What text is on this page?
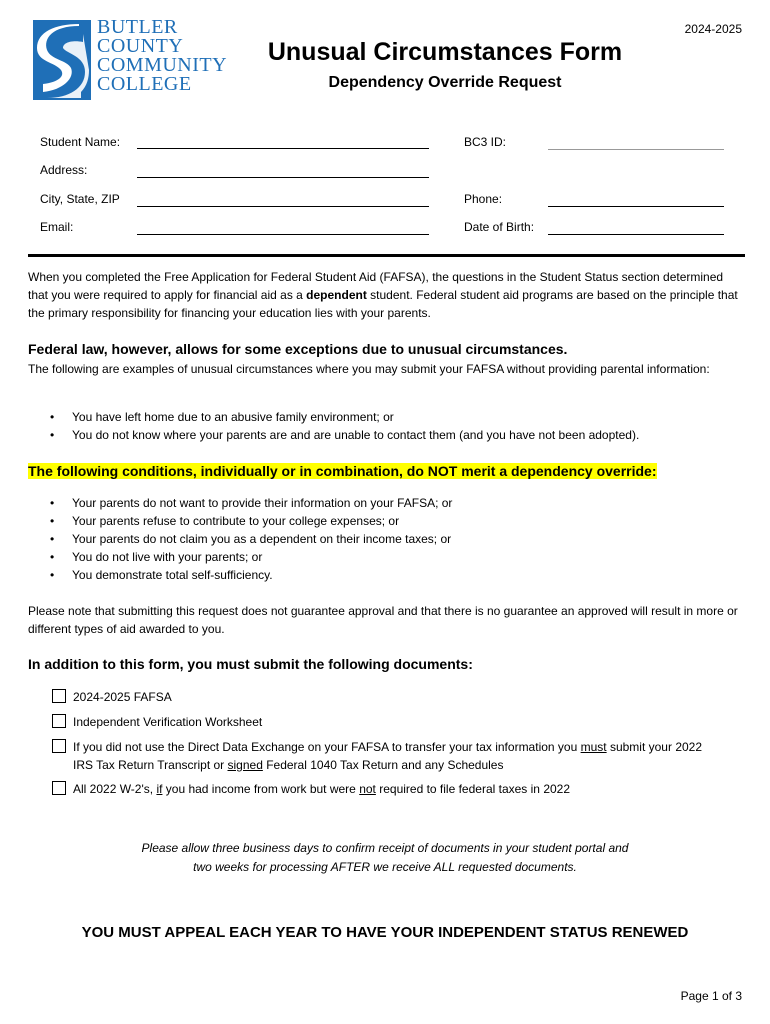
BUTLER
COUNTY
COMMUNITY
COLLEGE
2024-2025
Unusual Circumstances Form
Dependency Override Request
Student Name:
Address:
City, State, ZIP
Email:
BC3 ID:
Phone:
Date of Birth:
When you completed the Free Application for Federal Student Aid (FAFSA), the questions in the Student Status section determined that you were required to apply for financial aid as a dependent student. Federal student aid programs are based on the principle that the primary responsibility for financing your education lies with your parents.
Federal law, however, allows for some exceptions due to unusual circumstances.
The following are examples of unusual circumstances where you may submit your FAFSA without providing parental information:
• You have left home due to an abusive family environment; or
• You do not know where your parents are and are unable to contact them (and you have not been adopted).
The following conditions, individually or in combination, do NOT merit a dependency override:
• Your parents do not want to provide their information on your FAFSA; or
• Your parents refuse to contribute to your college expenses; or
• Your parents do not claim you as a dependent on their income taxes; or
• You do not live with your parents; or
• You demonstrate total self-sufficiency.
Please note that submitting this request does not guarantee approval and that there is no guarantee an approved will result in more or different types of aid awarded to you.
In addition to this form, you must submit the following documents:
2024-2025 FAFSA
Independent Verification Worksheet
If you did not use the Direct Data Exchange on your FAFSA to transfer your tax information you must submit your 2022
IRS Tax Return Transcript or signed Federal 1040 Tax Return and any Schedules
All 2022 W-2's, if you had income from work but were not required to file federal taxes in 2022
Please allow three business days to confirm receipt of documents in your student portal and
two weeks for processing AFTER we receive ALL requested documents.
YOU MUST APPEAL EACH YEAR TO HAVE YOUR INDEPENDENT STATUS RENEWED
Page 1 of 3
